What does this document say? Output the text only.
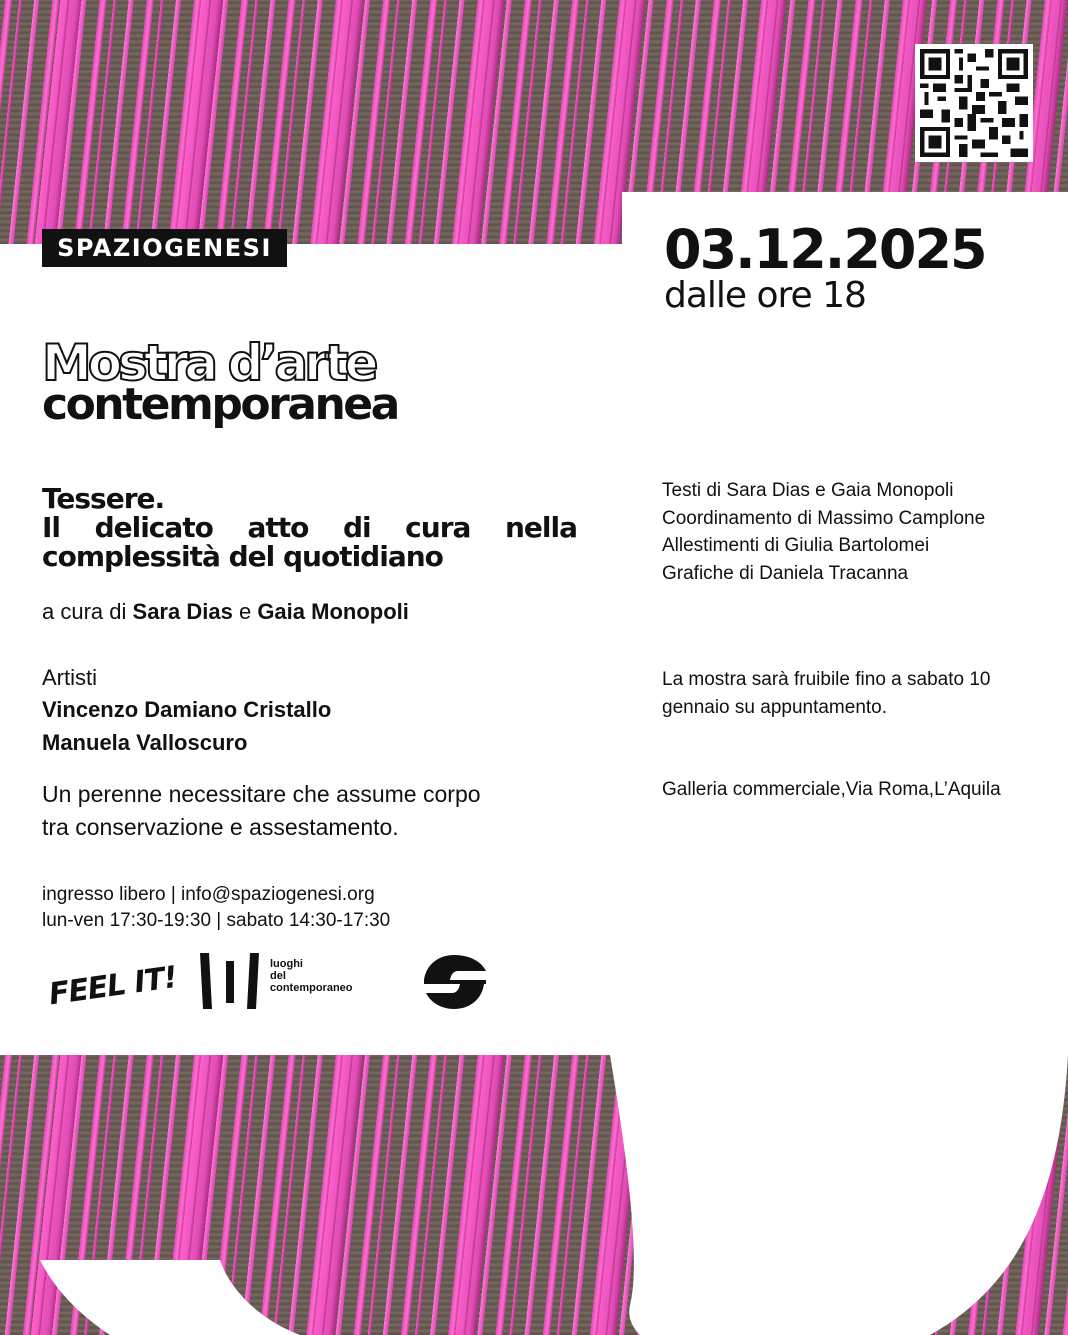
SPAZIOGENESI	03.12.2025
dalle ore 18
Mostra d’arte
contemporanea
Tessere.
Il delicato atto di cura nella
complessità del quotidiano
a cura di Sara Dias e Gaia Monopoli
Artisti
Vincenzo Damiano Cristallo
Manuela Valloscuro
Un perenne necessitare che assume corpo
tra conservazione e assestamento.
ingresso libero | info@spaziogenesi.org
lun-ven 17:30-19:30 | sabato 14:30-17:30
Testi di Sara Dias e Gaia Monopoli
Coordinamento di Massimo Camplone
Allestimenti di Giulia Bartolomei
Grafiche di Daniela Tracanna
La mostra sarà fruibile fino a sabato 10
gennaio su appuntamento.
Galleria commerciale,Via Roma,L’Aquila
FEEL IT!	luoghi
del
contemporaneo
